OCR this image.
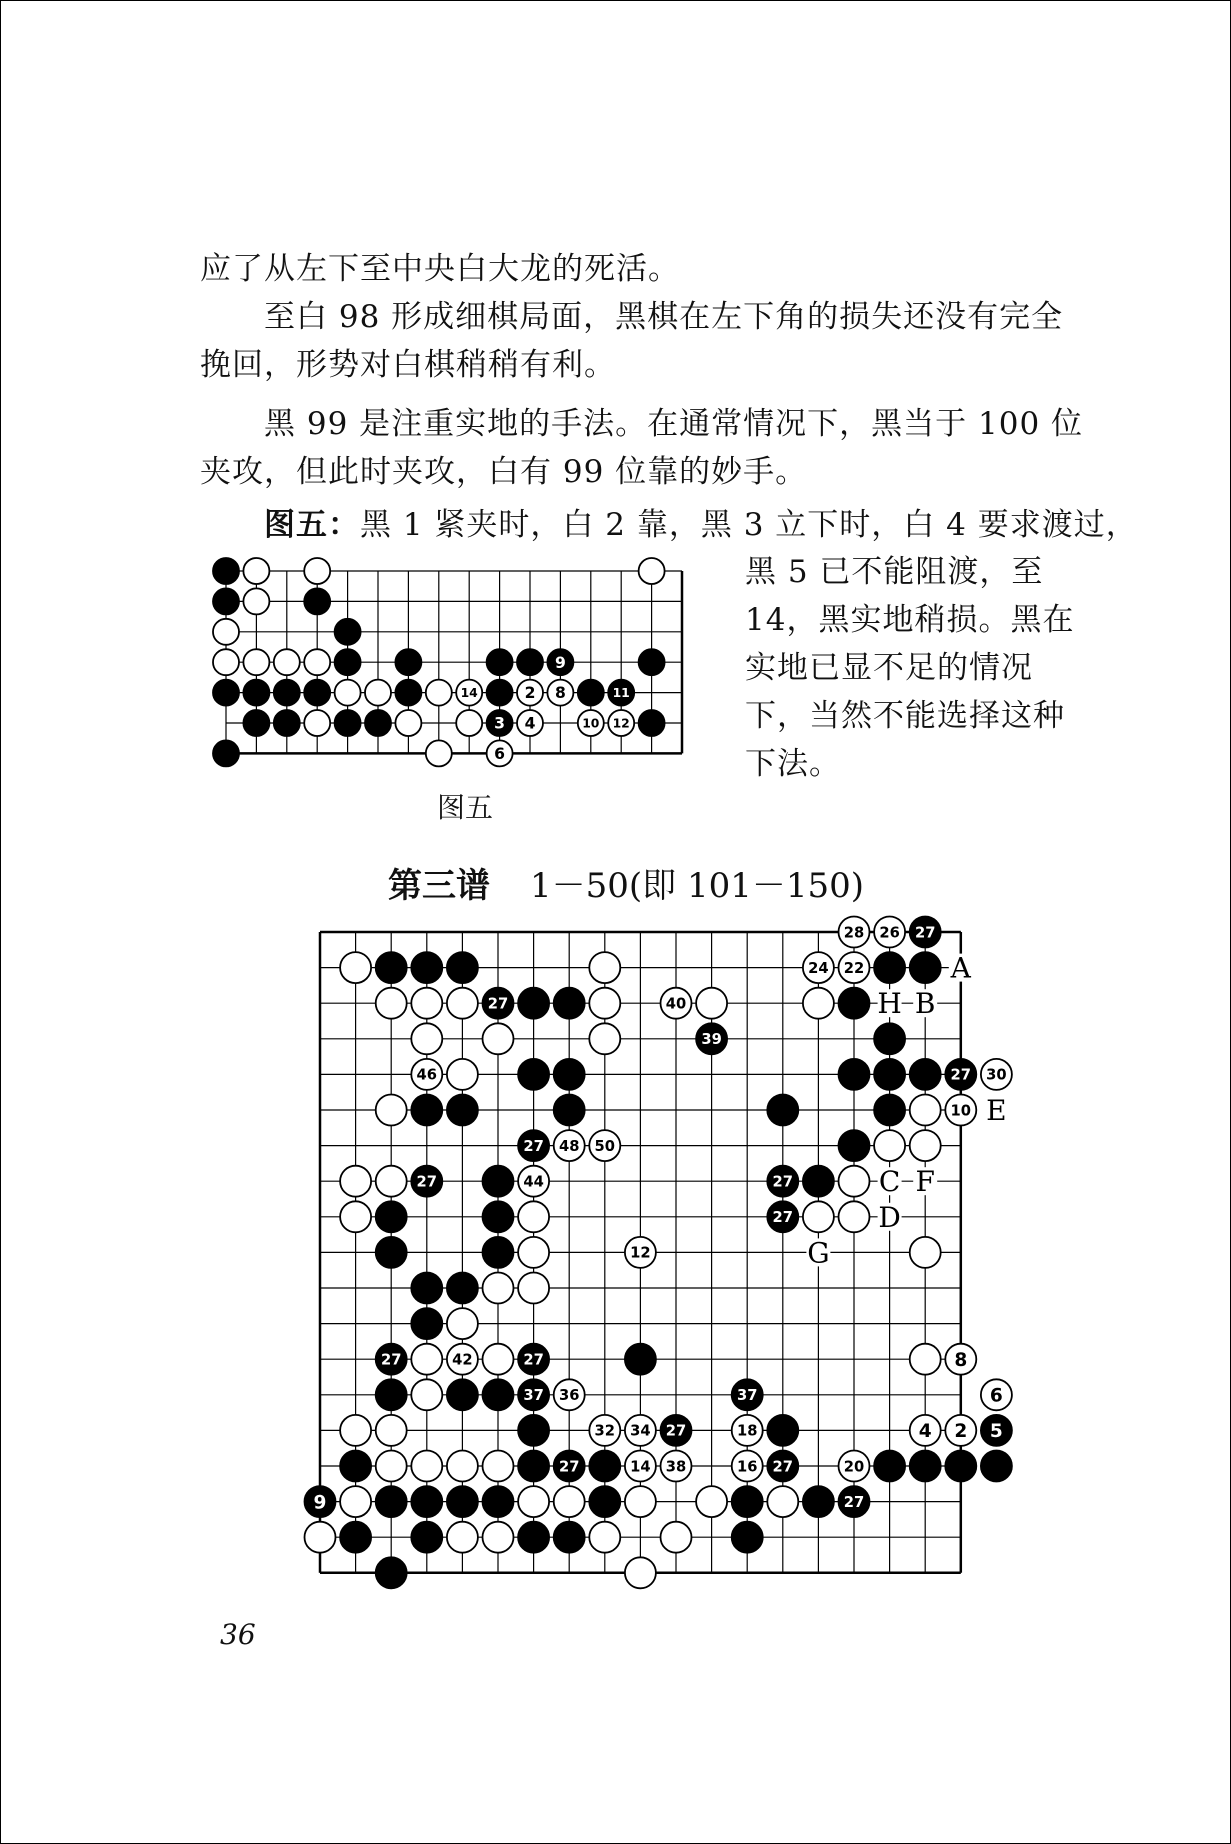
应了从左下至中央白大龙的死活。

至白 98 形成细棋局面，黑棋在左下角的损失还没有完全

挽回，形势对白棋稍稍有利。

黑 99 是注重实地的手法。在通常情况下，黑当于 100 位

夹攻，但此时夹攻，白有 99 位靠的妙手。

图五：黑 1 紧夹时，白 2 靠，黑 3 立下时，白 4 要求渡过，

黑 5 已不能阻渡，至
14，黑实地稍损。黑在
实地已显不足的情况
下，当然不能选择这种
下法。
9
14	2 8	11
3 4	10 12
6
图五
第三谱 1－50(即 101－150)
28 26 27
24 22
27	40
39
46	27 30
10
27 48 50
27	44	27
27
12
27	42	27	8
37 36	37	6
32 34 27	18	4 2 5
27	14 38	16 27	20
9	27
A
H B
E
C F
D
G
36
